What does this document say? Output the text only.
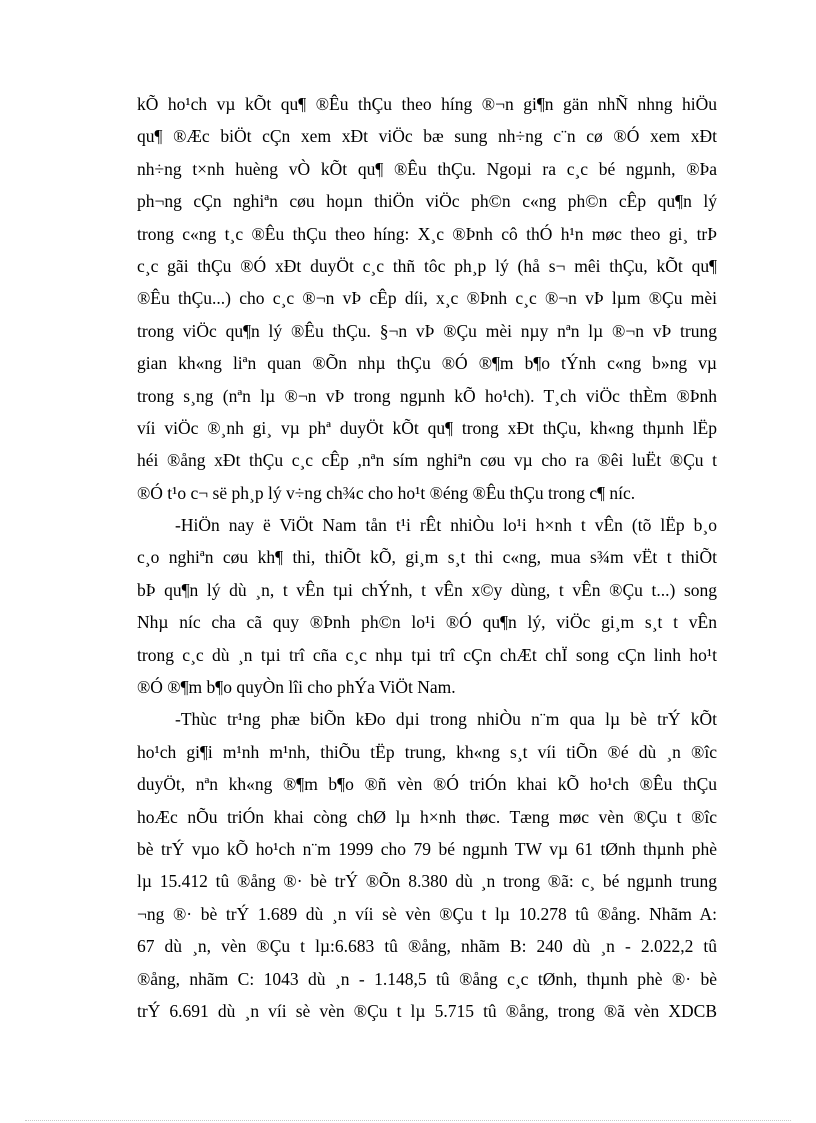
kÕ ho¹ch vµ kÕt qu¶ ®Êu thÇu theo híng ®¬n gi¶n gän nhÑ nhng hiÖu
qu¶ ®Æc biÖt cÇn xem xÐt viÖc bæ sung nh÷ng c¨n cø ®Ó xem xÐt
nh÷ng t×nh huèng vÒ kÕt qu¶ ®Êu thÇu. Ngoµi ra c¸c bé ngµnh, ®Þa
ph¬ng cÇn nghiªn cøu hoµn thiÖn viÖc ph©n c«ng ph©n cÊp qu¶n lý
trong c«ng t¸c ®Êu thÇu theo híng: X¸c ®Þnh cô thÓ h¹n møc theo gi¸ trÞ
c¸c gãi thÇu ®Ó xÐt duyÖt c¸c thñ tôc ph¸p lý (hå s¬ mêi thÇu, kÕt qu¶
®Êu thÇu...) cho c¸c ®¬n vÞ cÊp díi, x¸c ®Þnh c¸c ®¬n vÞ lµm ®Çu mèi
trong viÖc qu¶n lý ®Êu thÇu. §¬n vÞ ®Çu mèi nµy nªn lµ ®¬n vÞ trung
gian kh«ng liªn quan ®Õn nhµ thÇu ®Ó ®¶m b¶o tÝnh c«ng b»ng vµ
trong s¸ng (nªn lµ ®¬n vÞ trong ngµnh kÕ ho¹ch). T¸ch viÖc thÈm ®Þnh
víi viÖc ®¸nh gi¸ vµ phª duyÖt kÕt qu¶ trong xÐt thÇu, kh«ng thµnh lËp
héi ®ång xÐt thÇu c¸c cÊp ,nªn sím nghiªn cøu vµ cho ra ®êi luËt ®Çu t
®Ó t¹o c¬ së ph¸p lý v÷ng ch¾c cho ho¹t ®éng ®Êu thÇu trong c¶ níc.
-HiÖn nay ë ViÖt Nam tån t¹i rÊt nhiÒu lo¹i h×nh t vÊn (tõ lËp b¸o
c¸o nghiªn cøu kh¶ thi, thiÕt kÕ, gi¸m s¸t thi c«ng, mua s¾m vËt t thiÕt
bÞ qu¶n lý dù ¸n, t vÊn tµi chÝnh, t vÊn x©y dùng, t vÊn ®Çu t...) song
Nhµ níc cha cã quy ®Þnh ph©n lo¹i ®Ó qu¶n lý, viÖc gi¸m s¸t t vÊn
trong c¸c dù ¸n tµi trî cña c¸c nhµ tµi trî cÇn chÆt chÏ song cÇn linh ho¹t
®Ó ®¶m b¶o quyÒn lîi cho phÝa ViÖt Nam.
-Thùc tr¹ng phæ biÕn kÐo dµi trong nhiÒu n¨m qua lµ bè trÝ kÕt
ho¹ch gi¶i m¹nh m¹nh, thiÕu tËp trung, kh«ng s¸t víi tiÕn ®é dù ¸n ®îc
duyÖt, nªn kh«ng ®¶m b¶o ®ñ vèn ®Ó triÓn khai kÕ ho¹ch ®Êu thÇu
hoÆc nÕu triÓn khai còng chØ lµ h×nh thøc. Tæng møc vèn ®Çu t ®îc
bè trÝ vµo kÕ ho¹ch n¨m 1999 cho 79 bé ngµnh TW vµ 61 tØnh thµnh phè
lµ 15.412 tû ®ång ®· bè trÝ ®Õn 8.380 dù ¸n trong ®ã: c¸ bé ngµnh trung
¬ng ®· bè trÝ 1.689 dù ¸n víi sè vèn ®Çu t lµ 10.278 tû ®ång. Nhãm A:
67 dù ¸n, vèn ®Çu t lµ:6.683 tû ®ång, nhãm B: 240 dù ¸n - 2.022,2 tû
®ång, nhãm C: 1043 dù ¸n - 1.148,5 tû ®ång c¸c tØnh, thµnh phè ®· bè
trÝ 6.691 dù ¸n víi sè vèn ®Çu t lµ 5.715 tû ®ång, trong ®ã vèn XDCB
